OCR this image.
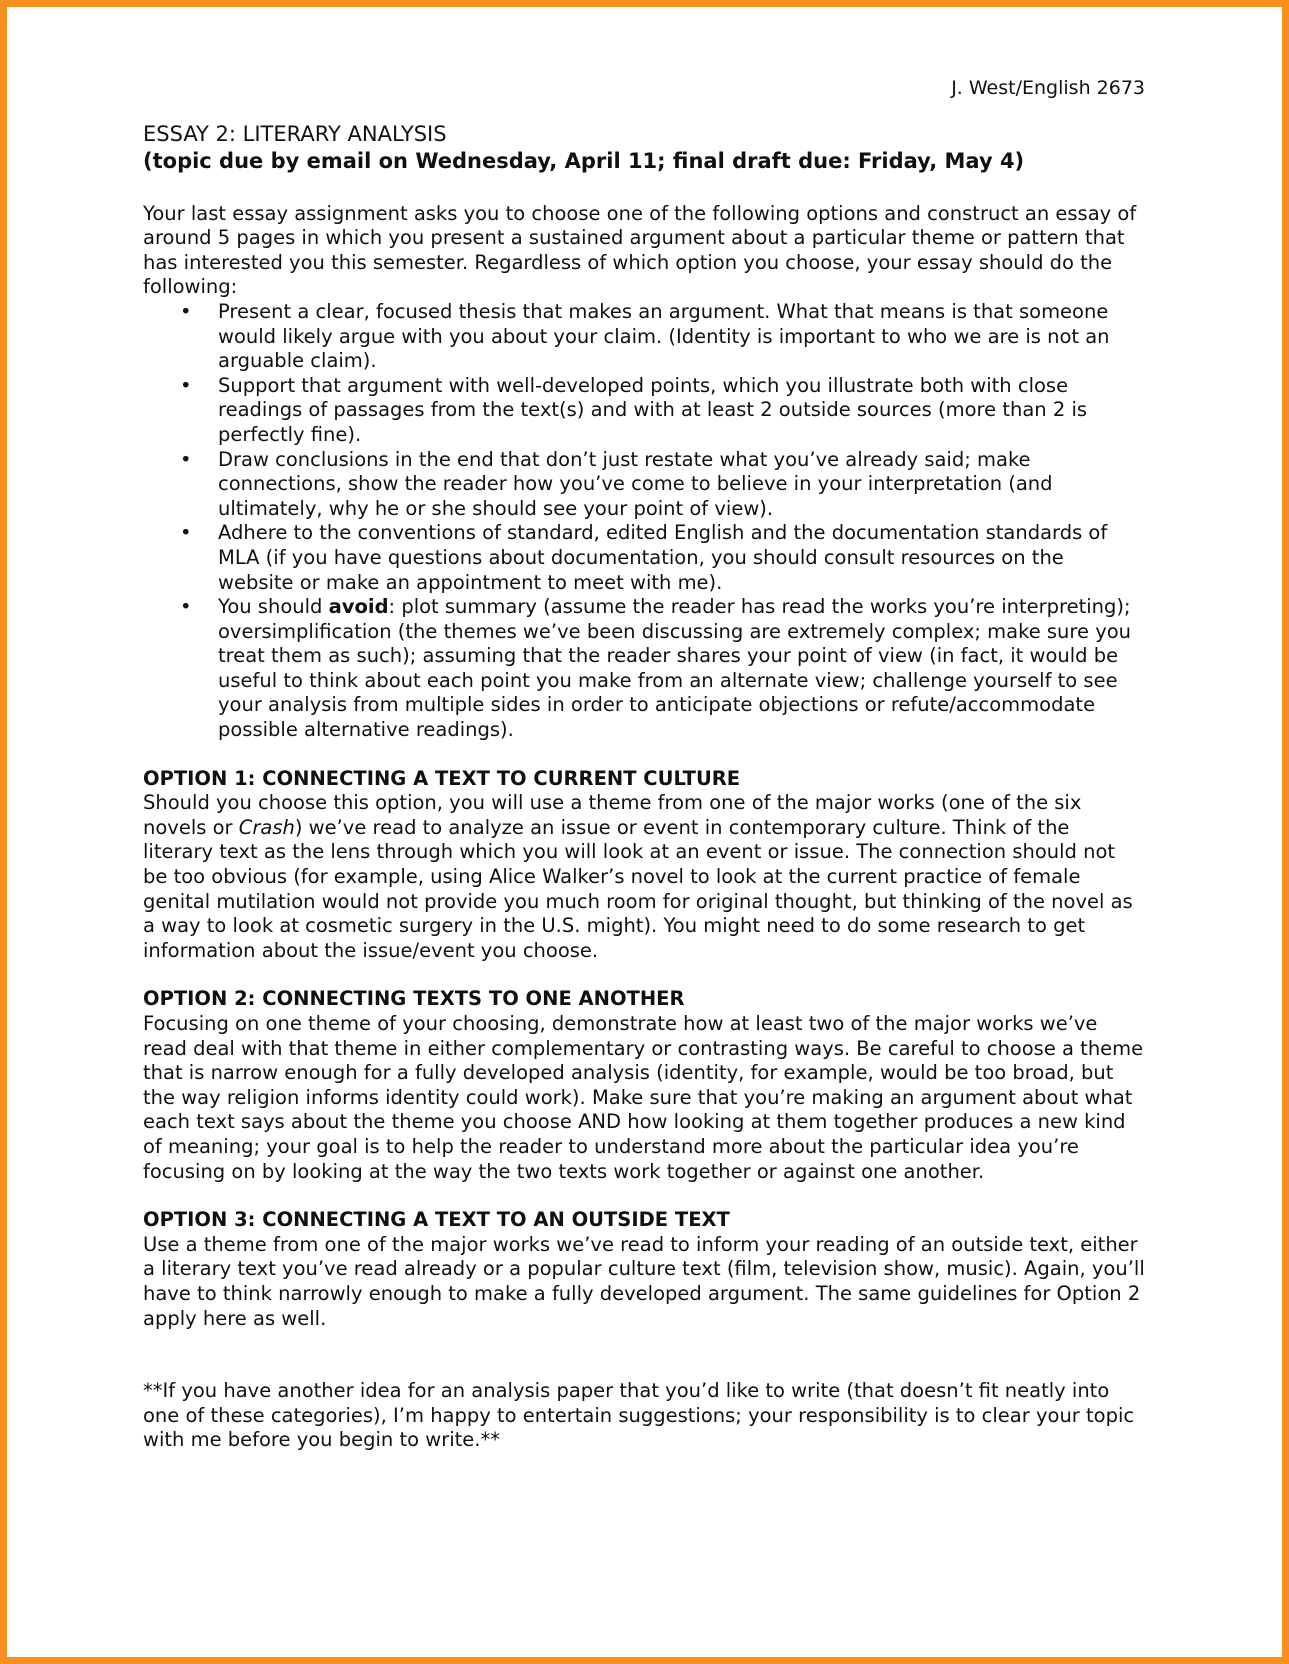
J. West/English 2673
ESSAY 2: LITERARY ANALYSIS
(topic due by email on Wednesday, April 11; final draft due: Friday, May 4)

Your last essay assignment asks you to choose one of the following options and construct an essay of around 5 pages in which you present a sustained argument about a particular theme or pattern that has interested you this semester. Regardless of which option you choose, your essay should do the following:

• Present a clear, focused thesis that makes an argument. What that means is that someone would likely argue with you about your claim. (Identity is important to who we are is not an arguable claim).
• Support that argument with well-developed points, which you illustrate both with close readings of passages from the text(s) and with at least 2 outside sources (more than 2 is perfectly fine).
• Draw conclusions in the end that don’t just restate what you’ve already said; make connections, show the reader how you’ve come to believe in your interpretation (and ultimately, why he or she should see your point of view).
• Adhere to the conventions of standard, edited English and the documentation standards of MLA (if you have questions about documentation, you should consult resources on the website or make an appointment to meet with me).
• You should avoid: plot summary (assume the reader has read the works you’re interpreting); oversimplification (the themes we’ve been discussing are extremely complex; make sure you treat them as such); assuming that the reader shares your point of view (in fact, it would be useful to think about each point you make from an alternate view; challenge yourself to see your analysis from multiple sides in order to anticipate objections or refute/accommodate possible alternative readings).
OPTION 1: CONNECTING A TEXT TO CURRENT CULTURE

Should you choose this option, you will use a theme from one of the major works (one of the six novels or Crash) we’ve read to analyze an issue or event in contemporary culture. Think of the literary text as the lens through which you will look at an event or issue. The connection should not be too obvious (for example, using Alice Walker’s novel to look at the current practice of female genital mutilation would not provide you much room for original thought, but thinking of the novel as a way to look at cosmetic surgery in the U.S. might). You might need to do some research to get information about the issue/event you choose.

OPTION 2: CONNECTING TEXTS TO ONE ANOTHER

Focusing on one theme of your choosing, demonstrate how at least two of the major works we’ve read deal with that theme in either complementary or contrasting ways. Be careful to choose a theme that is narrow enough for a fully developed analysis (identity, for example, would be too broad, but the way religion informs identity could work). Make sure that you’re making an argument about what each text says about the theme you choose AND how looking at them together produces a new kind of meaning; your goal is to help the reader to understand more about the particular idea you’re focusing on by looking at the way the two texts work together or against one another.

OPTION 3: CONNECTING A TEXT TO AN OUTSIDE TEXT

Use a theme from one of the major works we’ve read to inform your reading of an outside text, either a literary text you’ve read already or a popular culture text (film, television show, music). Again, you’ll have to think narrowly enough to make a fully developed argument. The same guidelines for Option 2 apply here as well.

**If you have another idea for an analysis paper that you’d like to write (that doesn’t fit neatly into one of these categories), I’m happy to entertain suggestions; your responsibility is to clear your topic with me before you begin to write.**
